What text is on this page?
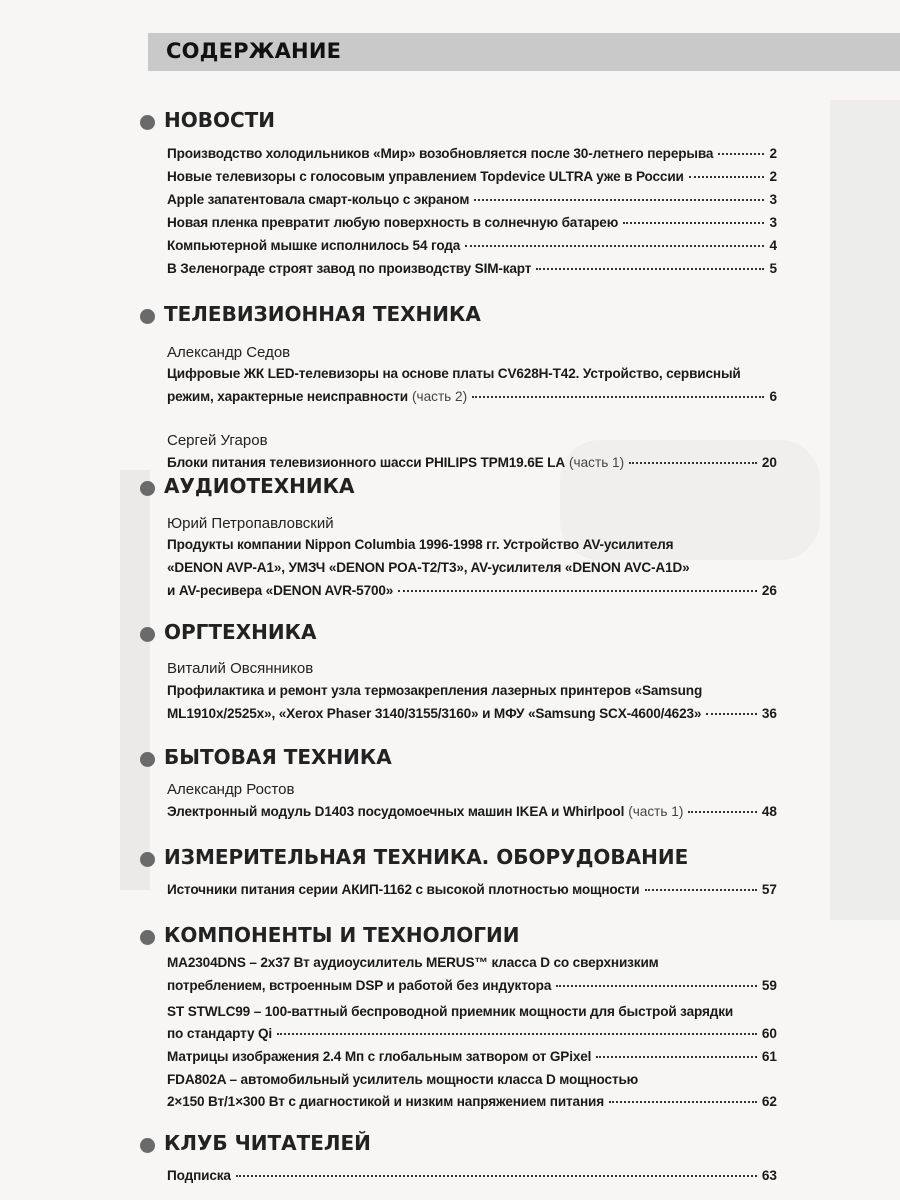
СОДЕРЖАНИЕ
НОВОСТИ
Производство холодильников «Мир» возобновляется после 30-летнего перерыва	2
Новые телевизоры с голосовым управлением Topdevice ULTRA уже в России	2
Apple запатентовала смарт-кольцо с экраном	3
Новая пленка превратит любую поверхность в солнечную батарею	3
Компьютерной мышке исполнилось 54 года	4
В Зеленограде строят завод по производству SIM-карт	5
ТЕЛЕВИЗИОННАЯ ТЕХНИКА
Александр Седов
Цифровые ЖК LED-телевизоры на основе платы CV628H-T42. Устройство, сервисный
режим, характерные неисправности (часть 2)	6
Сергей Угаров
Блоки питания телевизионного шасси PHILIPS TPM19.6E LA (часть 1)	20
АУДИОТЕХНИКА
Юрий Петропавловский
Продукты компании Nippon Columbia 1996-1998 гг. Устройство AV-усилителя
«DENON AVP-A1», УМЗЧ «DENON POA-T2/T3», AV-усилителя «DENON AVC-A1D»
и AV-ресивера «DENON AVR-5700»	26
ОРГТЕХНИКА
Виталий Овсянников
Профилактика и ремонт узла термозакрепления лазерных принтеров «Samsung
ML1910x/2525x», «Xerox Phaser 3140/3155/3160» и МФУ «Samsung SCX-4600/4623»	36
БЫТОВАЯ ТЕХНИКА
Александр Ростов
Электронный модуль D1403 посудомоечных машин IKEA и Whirlpool (часть 1)	48
ИЗМЕРИТЕЛЬНАЯ ТЕХНИКА. ОБОРУДОВАНИЕ
Источники питания серии АКИП-1162 с высокой плотностью мощности	57
КОМПОНЕНТЫ И ТЕХНОЛОГИИ
MA2304DNS – 2x37 Вт аудиоусилитель MERUS™ класса D со сверхнизким
потреблением, встроенным DSP и работой без индуктора	59
ST STWLC99 – 100-ваттный беспроводной приемник мощности для быстрой зарядки
по стандарту Qi	60
Матрицы изображения 2.4 Мп с глобальным затвором от GPixel	61
FDA802A – автомобильный усилитель мощности класса D мощностью
2×150 Вт/1×300 Вт с диагностикой и низким напряжением питания	62
КЛУБ ЧИТАТЕЛЕЙ
Подписка	63
